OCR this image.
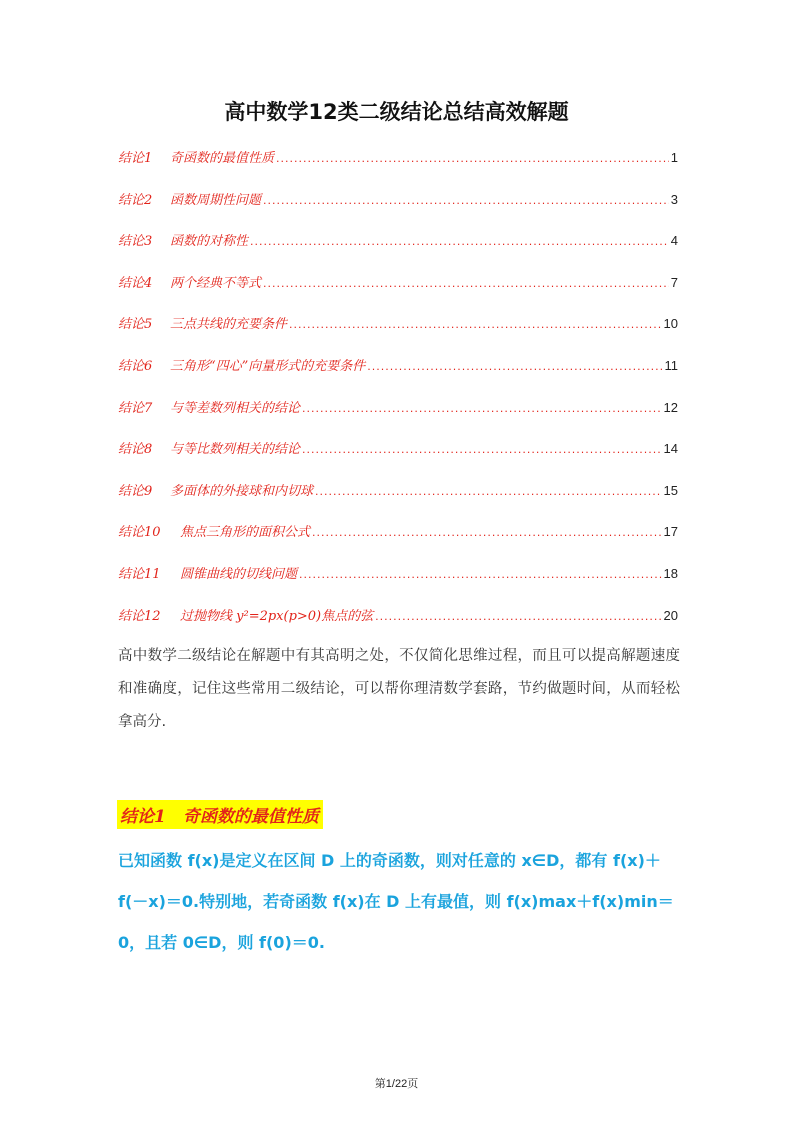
高中数学12类二级结论总结高效解题
结论1	奇函数的最值性质 .....	1
结论2	函数周期性问题 .....	3
结论3	函数的对称性 .....	4
结论4	两个经典不等式 .....	7
结论5	三点共线的充要条件 .....	10
结论6	三角形“四心”向量形式的充要条件 .....	11
结论7	与等差数列相关的结论 .....	12
结论8	与等比数列相关的结论 .....	14
结论9	多面体的外接球和内切球 .....	15
结论10	焦点三角形的面积公式 .....	17
结论11	圆锥曲线的切线问题 .....	18
结论12	过抛物线 y²=2px(p>0)焦点的弦 .....	20
高中数学二级结论在解题中有其高明之处，不仅简化思维过程，而且可以提高解题速度和准确度，记住这些常用二级结论，可以帮你理清数学套路，节约做题时间，从而轻松拿高分.
结论1　奇函数的最值性质
已知函数 f(x)是定义在区间 D 上的奇函数，则对任意的 x∈D，都有 f(x)＋f(－x)＝0.特别地，若奇函数 f(x)在 D 上有最值，则 f(x)max＋f(x)min＝0，且若 0∈D，则 f(0)＝0.
第1/22页
